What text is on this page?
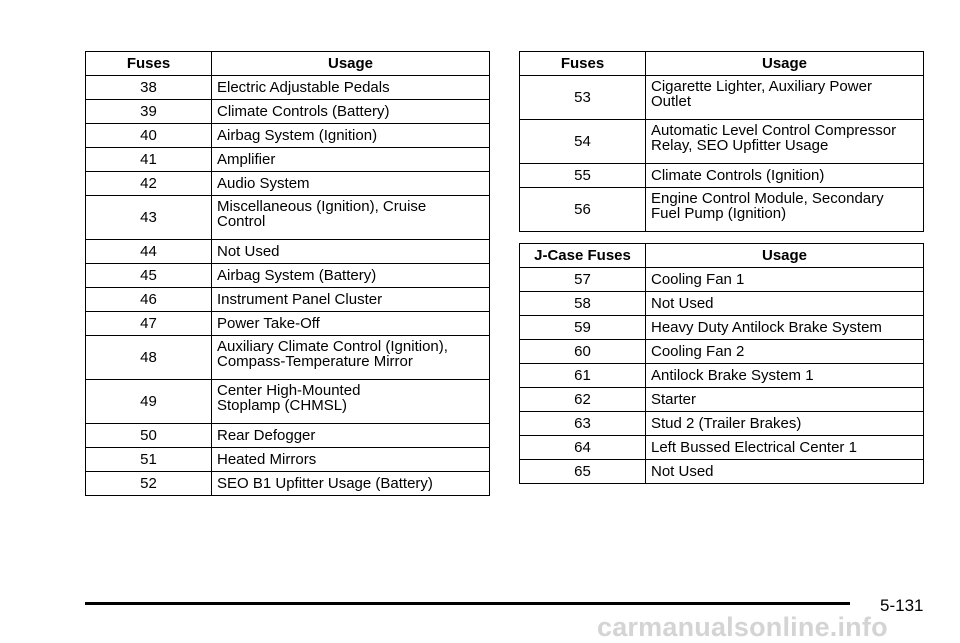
Fuses	Usage
38	Electric Adjustable Pedals

39	Climate Controls (Battery)

40	Airbag System (Ignition)

41	Amplifier

42	Audio System

43	Miscellaneous (Ignition), Cruise
Control

44	Not Used

45	Airbag System (Battery)

46	Instrument Panel Cluster

47	Power Take-Off

48	Auxiliary Climate Control (Ignition),
Compass-Temperature Mirror

49	Center High-Mounted
Stoplamp (CHMSL)

50	Rear Defogger

51	Heated Mirrors

52	SEO B1 Upfitter Usage (Battery)
Fuses	Usage
53	Cigarette Lighter, Auxiliary Power
Outlet

54	Automatic Level Control Compressor
Relay, SEO Upfitter Usage

55	Climate Controls (Ignition)

56	Engine Control Module, Secondary
Fuel Pump (Ignition)
J-Case Fuses	Usage
57	Cooling Fan 1

58	Not Used

59	Heavy Duty Antilock Brake System

60	Cooling Fan 2

61	Antilock Brake System 1

62	Starter

63	Stud 2 (Trailer Brakes)

64	Left Bussed Electrical Center 1

65	Not Used
5-131
carmanualsonline.info
